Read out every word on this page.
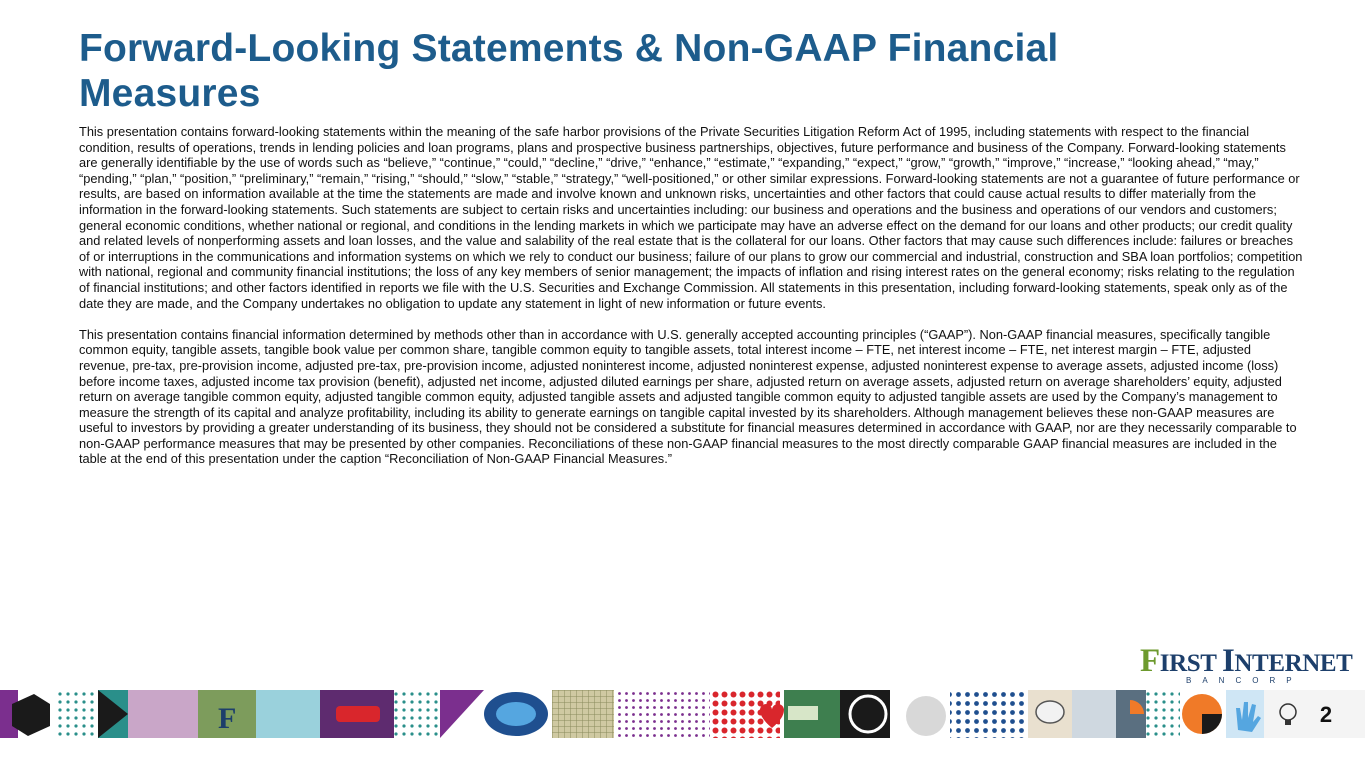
Forward-Looking Statements & Non-GAAP Financial Measures

This presentation contains forward-looking statements within the meaning of the safe harbor provisions of the Private Securities Litigation Reform Act of 1995, including statements with respect to the financial condition, results of operations, trends in lending policies and loan programs, plans and prospective business partnerships, objectives, future performance and business of the Company. Forward-looking statements are generally identifiable by the use of words such as “believe,” “continue,” “could,” “decline,” “drive,” “enhance,” “estimate,” “expanding,” “expect,” “grow,” “growth,” “improve,” “increase,” “looking ahead,” “may,” “pending,” “plan,” “position,” “preliminary,” “remain,” “rising,” “should,” “slow,” “stable,” “strategy,” “well-positioned,” or other similar expressions. Forward-looking statements are not a guarantee of future performance or results, are based on information available at the time the statements are made and involve known and unknown risks, uncertainties and other factors that could cause actual results to differ materially from the information in the forward-looking statements. Such statements are subject to certain risks and uncertainties including: our business and operations and the business and operations of our vendors and customers; general economic conditions, whether national or regional, and conditions in the lending markets in which we participate may have an adverse effect on the demand for our loans and other products; our credit quality and related levels of nonperforming assets and loan losses, and the value and salability of the real estate that is the collateral for our loans. Other factors that may cause such differences include: failures or breaches of or interruptions in the communications and information systems on which we rely to conduct our business; failure of our plans to grow our commercial and industrial, construction and SBA loan portfolios; competition with national, regional and community financial institutions; the loss of any key members of senior management; the impacts of inflation and rising interest rates on the general economy; risks relating to the regulation of financial institutions; and other factors identified in reports we file with the U.S. Securities and Exchange Commission. All statements in this presentation, including forward-looking statements, speak only as of the date they are made, and the Company undertakes no obligation to update any statement in light of new information or future events.

This presentation contains financial information determined by methods other than in accordance with U.S. generally accepted accounting principles (“GAAP”). Non-GAAP financial measures, specifically tangible common equity, tangible assets, tangible book value per common share, tangible common equity to tangible assets, total interest income – FTE, net interest income – FTE, net interest margin – FTE, adjusted revenue, pre-tax, pre-provision income, adjusted pre-tax, pre-provision income, adjusted noninterest income, adjusted noninterest expense, adjusted noninterest expense to average assets, adjusted income (loss) before income taxes, adjusted income tax provision (benefit), adjusted net income, adjusted diluted earnings per share, adjusted return on average assets, adjusted return on average shareholders’ equity, adjusted return on average tangible common equity, adjusted tangible common equity, adjusted tangible assets and adjusted tangible common equity to adjusted tangible assets are used by the Company’s management to measure the strength of its capital and analyze profitability, including its ability to generate earnings on tangible capital invested by its shareholders. Although management believes these non-GAAP measures are useful to investors by providing a greater understanding of its business, they should not be considered a substitute for financial measures determined in accordance with GAAP, nor are they necessarily comparable to non-GAAP performance measures that may be presented by other companies. Reconciliations of these non-GAAP financial measures to the most directly comparable GAAP financial measures are included in the table at the end of this presentation under the caption “Reconciliation of Non-GAAP Financial Measures.”

FIRST INTERNET
BANCORP
F	2
